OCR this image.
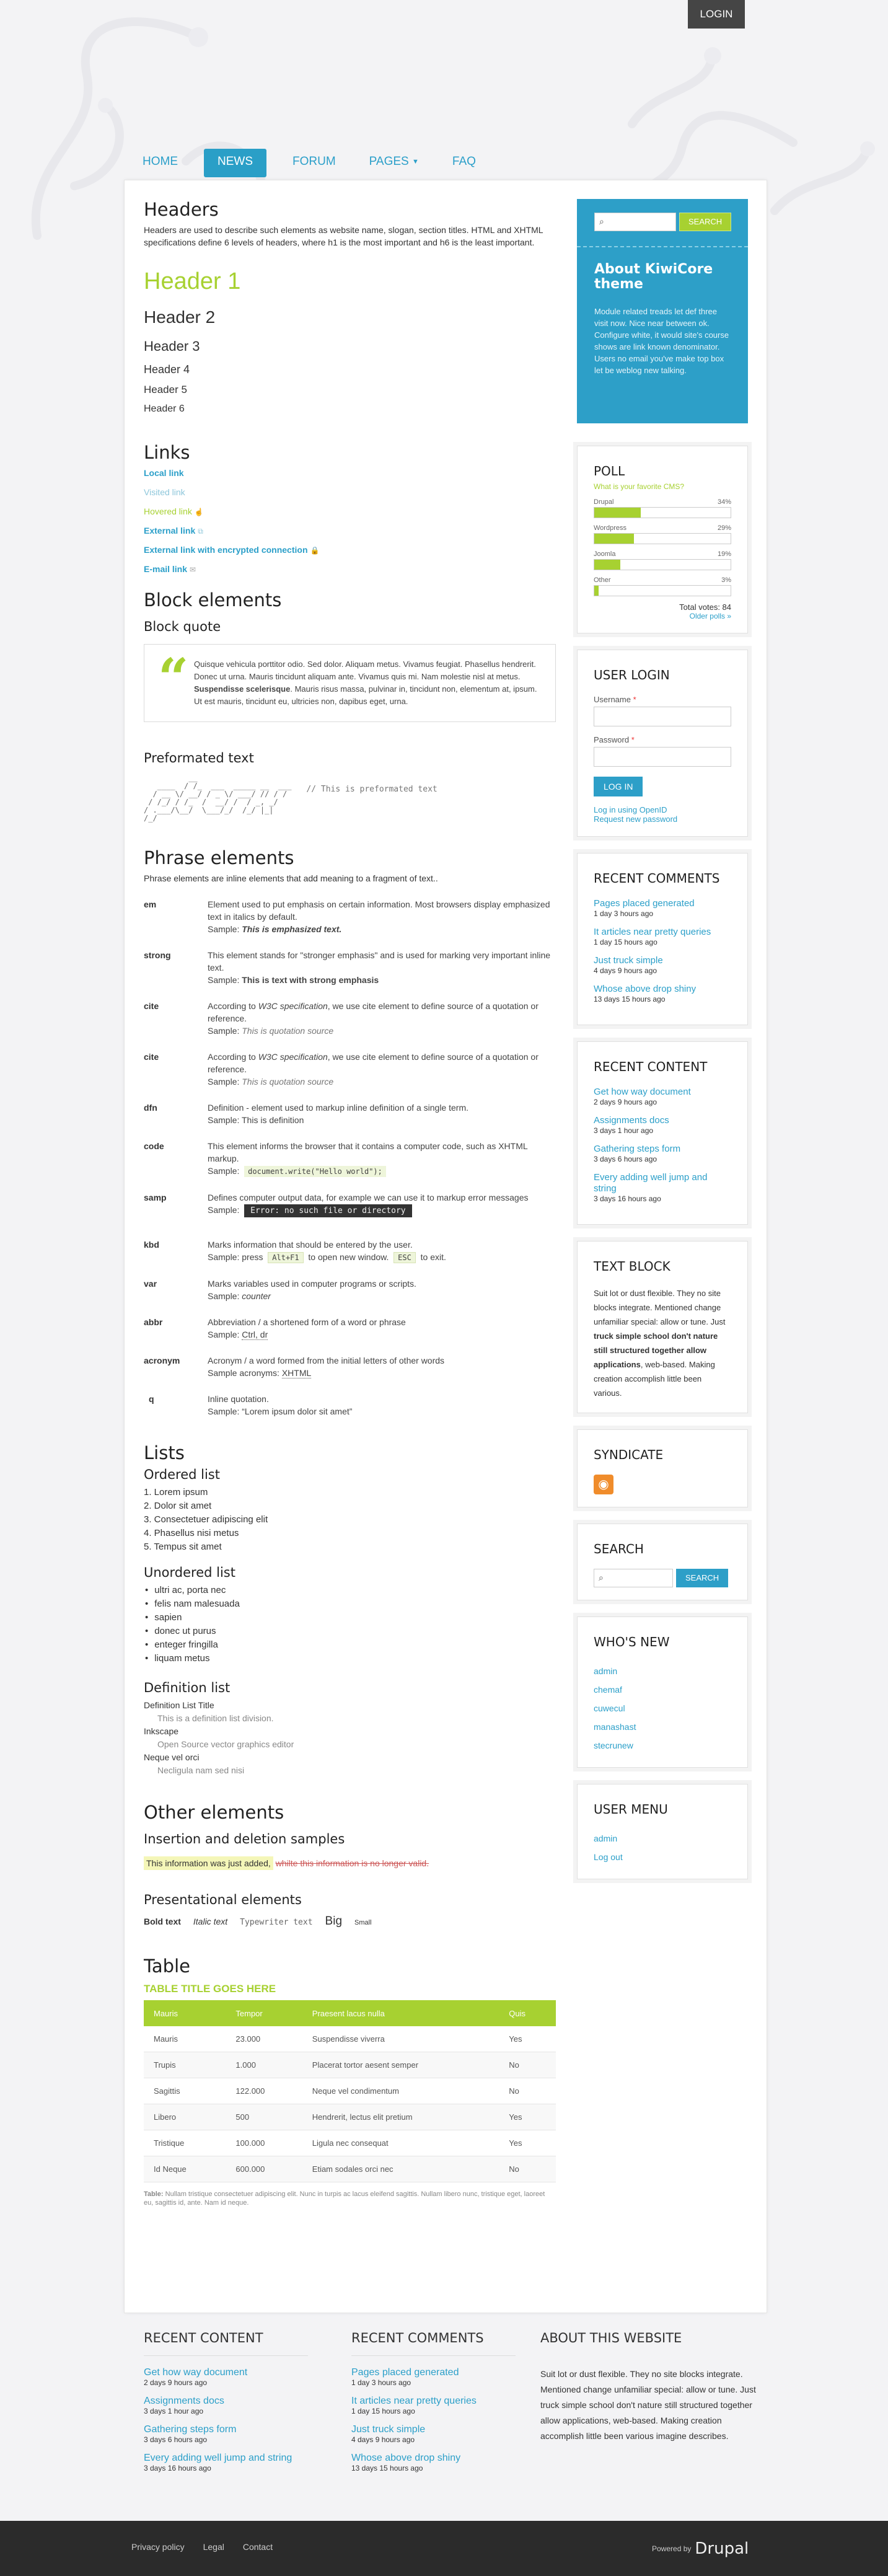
LOGIN
HOME	NEWS	FORUM	PAGES ▼	FAQ
Headers

Headers are used to describe such elements as website name, slogan, section titles. HTML and XHTML specifications define 6 levels of headers, where h1 is the most important and h6 is the least important.

Header 1
Header 2
Header 3
Header 4
Header 5
Header 6
Links
Local link
Visited link
Hovered link ☝
External link ⧉
External link with encrypted connection 🔒
E-mail link ✉
Block elements
Block quote
“ Quisque vehicula porttitor odio. Sed dolor. Aliquam metus. Vivamus feugiat. Phasellus hendrerit. Donec ut urna. Mauris tincidunt aliquam ante. Vivamus quis mi. Nam molestie nisl at metus. Suspendisse scelerisque. Mauris risus massa, pulvinar in, tincidunt non, elementum at, ipsum. Ut est mauris, tincidunt eu, ultricies non, dapibus eget, urna.

Preformated text
__
____  / /_  ___  _____ __  ___
/ __ \/ __/ / _ \/ ___/ // / /
/ /_/ / /_  /  __/ /  / _, _/
/ .___/\__/  \___/_/  /_/ |_|
/_/
// This is preformated text
Phrase elements

Phrase elements are inline elements that add meaning to a fragment of text..

em	Element used to put emphasis on certain information. Most browsers display emphasized text in italics by default.
Sample: This is emphasized text.
strong	This element stands for "stronger emphasis" and is used for marking very important inline text.
Sample: This is text with strong emphasis
cite	According to W3C specification, we use cite element to define source of a quotation or reference.
Sample: This is quotation source
cite	According to W3C specification, we use cite element to define source of a quotation or reference.
Sample: This is quotation source
dfn	Definition - element used to markup inline definition of a single term.
Sample: This is definition
code	This element informs the browser that it contains a computer code, such as XHTML markup.
Sample: document.write("Hello world");
samp	Defines computer output data, for example we can use it to markup error messages
Sample: Error: no such file or directory
kbd	Marks information that should be entered by the user.
Sample: press Alt+F1 to open new window. ESC to exit.
var	Marks variables used in computer programs or scripts.
Sample: counter
abbr	Abbreviation / a shortened form of a word or phrase
Sample: Ctrl, dr
acronym	Acronym / a word formed from the initial letters of other words
Sample acronyms: XHTML
q	Inline quotation.
Sample: “Lorem ipsum dolor sit amet”
Lists
Ordered list
1. Lorem ipsum
2. Dolor sit amet
3. Consectetuer adipiscing elit
4. Phasellus nisi metus
5. Tempus sit amet
Unordered list
• ultri ac, porta nec
• felis nam malesuada
• sapien
• donec ut purus
• enteger fringilla
• liquam metus
Definition list
Definition List Title
This is a definition list division.
Inkscape
Open Source vector graphics editor
Neque vel orci
Necligula nam sed nisi
Other elements
Insertion and deletion samples
This information was just added, whilte this information is no longer valid.
Presentational elements
Bold text Italic text Typewriter text Big Small
Table
TABLE TITLE GOES HERE
Mauris	Tempor	Praesent lacus nulla	Quis
Mauris	23.000	Suspendisse viverra	Yes
Trupis	1.000	Placerat tortor aesent semper	No
Sagittis	122.000	Neque vel condimentum	No
Libero	500	Hendrerit, lectus elit pretium	Yes
Tristique	100.000	Ligula nec consequat	Yes
Id Neque	600.000	Etiam sodales orci nec	No
Table: Nullam tristique consectetuer adipiscing elit. Nunc in turpis ac lacus eleifend sagittis. Nullam libero nunc, tristique eget, laoreet eu, sagittis id, ante. Nam id neque.
⌕	SEARCH
About KiwiCore theme
Module related treads let def three visit now. Nice near between ok. Configure white, it would site's course shows are link known denominator. Users no email you've make top box let be weblog new talking.
POLL
What is your favorite CMS?
Drupal	34%
Wordpress	29%
Joomla	19%
Other	3%
Total votes: 84
Older polls »
USER LOGIN
Username *
Password *
LOG IN
Log in using OpenID
Request new password
RECENT COMMENTS
Pages placed generated
1 day 3 hours ago
It articles near pretty queries
1 day 15 hours ago
Just truck simple
4 days 9 hours ago
Whose above drop shiny
13 days 15 hours ago
RECENT CONTENT
Get how way document
2 days 9 hours ago
Assignments docs
3 days 1 hour ago
Gathering steps form
3 days 6 hours ago
Every adding well jump and string
3 days 16 hours ago
TEXT BLOCK

Suit lot or dust flexible. They no site blocks integrate. Mentioned change unfamiliar special: allow or tune. Just truck simple school don't nature still structured together allow applications, web-based. Making creation accomplish little been various.

SYNDICATE
◉
SEARCH
⌕	SEARCH
WHO'S NEW
admin
chemaf
cuwecul
manashast
stecrunew
USER MENU
admin
Log out
RECENT CONTENT
Get how way document
2 days 9 hours ago
Assignments docs
3 days 1 hour ago
Gathering steps form
3 days 6 hours ago
Every adding well jump and string
3 days 16 hours ago
RECENT COMMENTS
Pages placed generated
1 day 3 hours ago
It articles near pretty queries
1 day 15 hours ago
Just truck simple
4 days 9 hours ago
Whose above drop shiny
13 days 15 hours ago
ABOUT THIS WEBSITE
Suit lot or dust flexible. They no site blocks integrate. Mentioned change unfamiliar special: allow or tune. Just truck simple school don't nature still structured together allow applications, web-based. Making creation accomplish little been various imagine describes.
Privacy policy Legal Contact	Powered by Drupal
